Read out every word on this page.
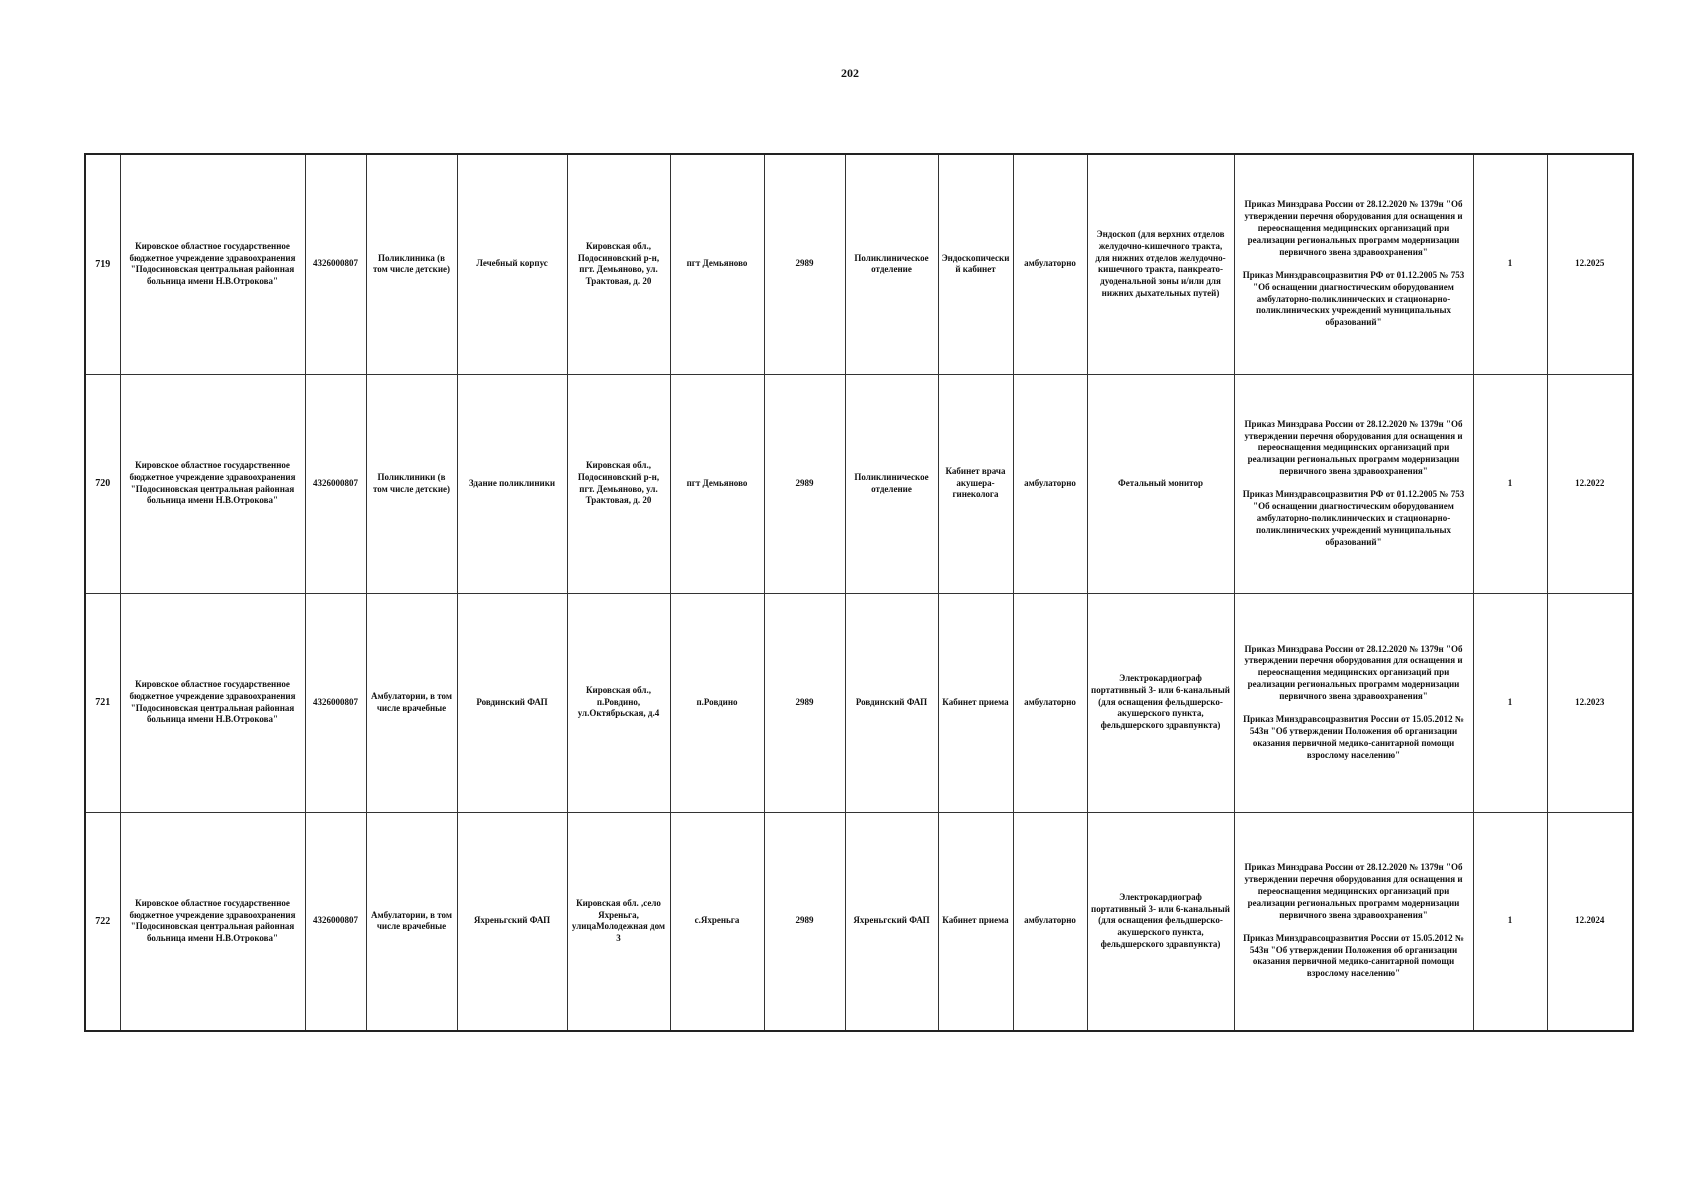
202
719	Кировское областное государственное бюджетное учреждение здравоохранения "Подосиновская центральная районная больница имени Н.В.Отрокова"	4326000807	Поликлиника (в том числе детские)	Лечебный корпус	Кировская обл., Подосиновский р-н, пгт. Демьяново, ул. Трактовая, д. 20	пгт Демьяново	2989	Поликлиническое отделение	Эндоскопический кабинет	амбулаторно	Эндоскоп (для верхних отделов желудочно-кишечного тракта, для нижних отделов желудочно-кишечного тракта, панкреато-дуоденальной зоны и/или для нижних дыхательных путей)	Приказ Минздрава России от 28.12.2020 № 1379н "Об утверждении перечня оборудования для оснащения и переоснащения медицинских организаций при реализации региональных программ модернизации первичного звена здравоохранения"

Приказ Минздравсоцразвития РФ от 01.12.2005 № 753 "Об оснащении диагностическим оборудованием амбулаторно-поликлинических и стационарно-поликлинических учреждений муниципальных образований"	1	12.2025
720	Кировское областное государственное бюджетное учреждение здравоохранения "Подосиновская центральная районная больница имени Н.В.Отрокова"	4326000807	Поликлиники (в том числе детские)	Здание поликлиники	Кировская обл., Подосиновский р-н, пгт. Демьяново, ул. Трактовая, д. 20	пгт Демьяново	2989	Поликлиническое отделение	Кабинет врача акушера-гинеколога	амбулаторно	Фетальный монитор	Приказ Минздрава России от 28.12.2020 № 1379н "Об утверждении перечня оборудования для оснащения и переоснащения медицинских организаций при реализации региональных программ модернизации первичного звена здравоохранения"

Приказ Минздравсоцразвития РФ от 01.12.2005 № 753 "Об оснащении диагностическим оборудованием амбулаторно-поликлинических и стационарно-поликлинических учреждений муниципальных образований"	1	12.2022
721	Кировское областное государственное бюджетное учреждение здравоохранения "Подосиновская центральная районная больница имени Н.В.Отрокова"	4326000807	Амбулатории, в том числе врачебные	Ровдинский ФАП	Кировская обл., п.Ровдино, ул.Октябрьская, д.4	п.Ровдино	2989	Ровдинский ФАП	Кабинет приема	амбулаторно	Электрокардиограф портативный 3- или 6-канальный (для оснащения фельдшерско-акушерского пункта, фельдшерского здравпункта)	Приказ Минздрава России от 28.12.2020 № 1379н "Об утверждении перечня оборудования для оснащения и переоснащения медицинских организаций при реализации региональных программ модернизации первичного звена здравоохранения"

Приказ Минздравсоцразвития России от 15.05.2012 № 543н "Об утверждении Положения об организации оказания первичной медико-санитарной помощи взрослому населению"	1	12.2023
722	Кировское областное государственное бюджетное учреждение здравоохранения "Подосиновская центральная районная больница имени Н.В.Отрокова"	4326000807	Амбулатории, в том числе врачебные	Яхреньгский ФАП	Кировская обл. ,село Яхреньга, улицаМолодежная дом 3	с.Яхреньга	2989	Яхреньгский ФАП	Кабинет приема	амбулаторно	Электрокардиограф портативный 3- или 6-канальный (для оснащения фельдшерско-акушерского пункта, фельдшерского здравпункта)	Приказ Минздрава России от 28.12.2020 № 1379н "Об утверждении перечня оборудования для оснащения и переоснащения медицинских организаций при реализации региональных программ модернизации первичного звена здравоохранения"

Приказ Минздравсоцразвития России от 15.05.2012 № 543н "Об утверждении Положения об организации оказания первичной медико-санитарной помощи взрослому населению"	1	12.2024
